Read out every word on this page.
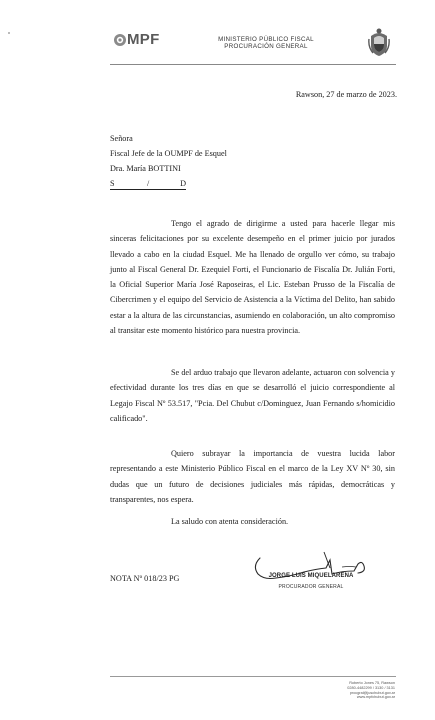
MPF	MINISTERIO PÚBLICO FISCAL
PROCURACIÓN GENERAL
Rawson, 27 de marzo de 2023.
Señora
Fiscal Jefe de la OUMPF de Esquel
Dra. María BOTTINI
S	/	D

Tengo el agrado de dirigirme a usted para hacerle llegar mis sinceras felicitaciones por su excelente desempeño en el primer juicio por jurados llevado a cabo en la ciudad Esquel. Me ha llenado de orgullo ver cómo, su trabajo junto al Fiscal General Dr. Ezequiel Forti, el Funcionario de Fiscalía Dr. Julián Forti, la Oficial Superior María José Raposeiras, el Lic. Esteban Prusso de la Fiscalía de Cibercrimen y el equipo del Servicio de Asistencia a la Víctima del Delito, han sabido estar a la altura de las circunstancias, asumiendo en colaboración, un alto compromiso al transitar este momento histórico para nuestra provincia.

Se del arduo trabajo que llevaron adelante, actuaron con solvencia y efectividad durante los tres días en que se desarrolló el juicio correspondiente al Legajo Fiscal Nº 53.517, "Pcia. Del Chubut c/Dominguez, Juan Fernando s/homicidio calificado".

Quiero subrayar la importancia de vuestra lucida labor representando a este Ministerio Público Fiscal en el marco de la Ley XV Nº 30, sin dudas que un futuro de decisiones judiciales más rápidas, democráticas y transparentes, nos espera.

La saludo con atenta consideración.
NOTA Nº 018/23 PG	JORGE LUIS MIQUELARENA
PROCURADOR GENERAL
Roberto Jones 75, Rawson
0280-4482299 / 3130 / 3131
procgral@juschubut.gov.ar
www.mpfchubut.gov.ar
